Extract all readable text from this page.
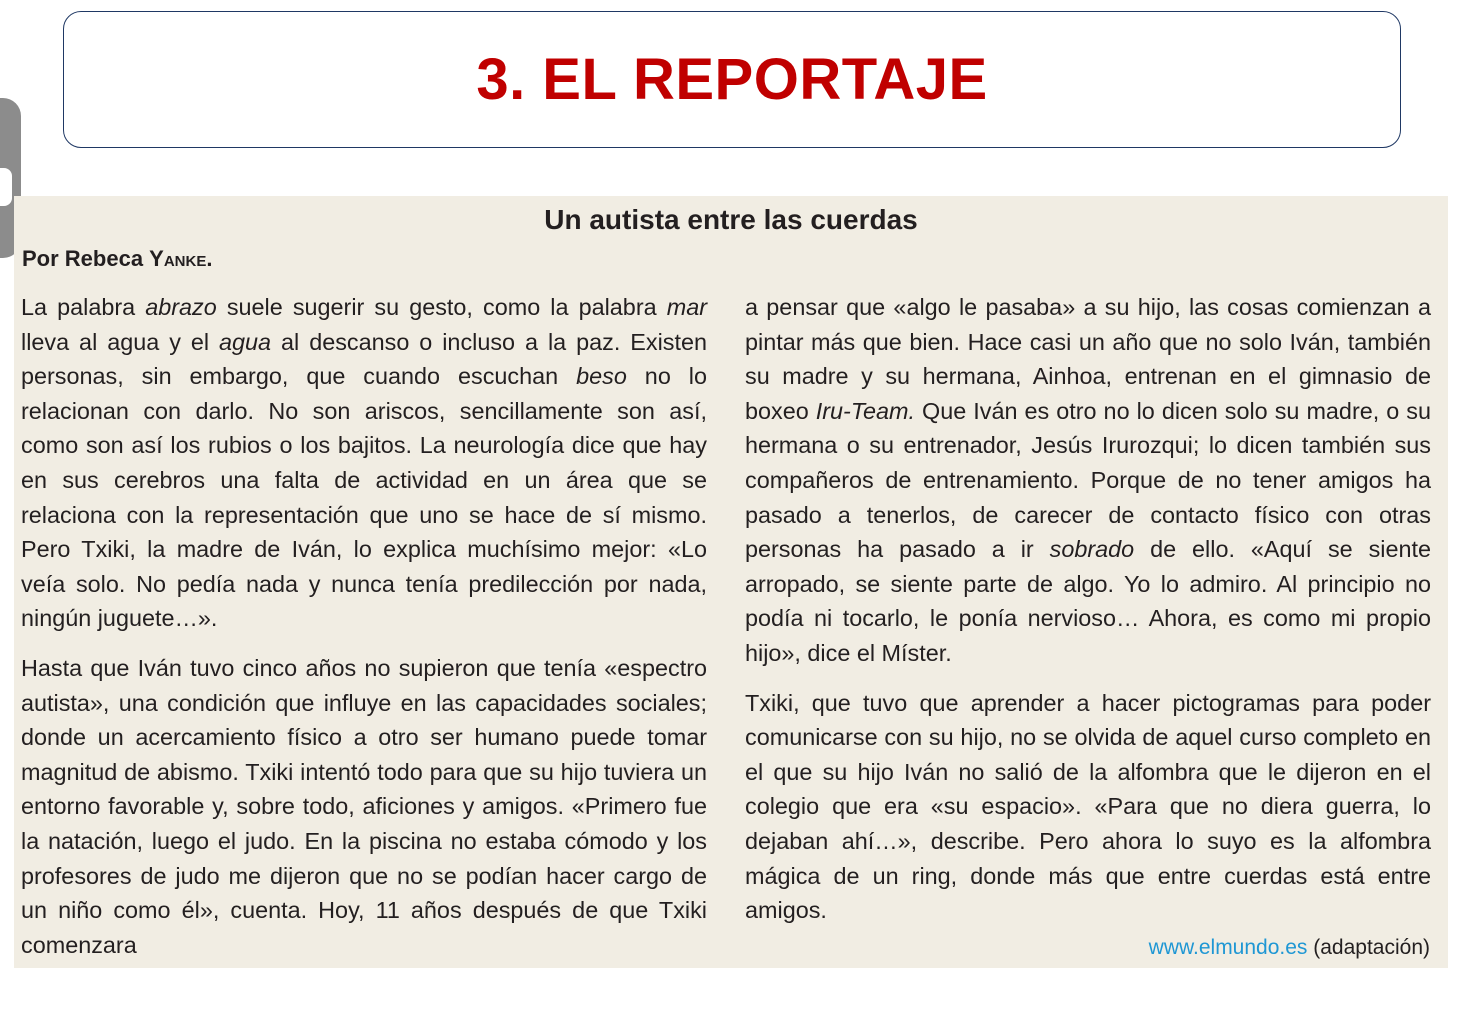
3. EL REPORTAJE
Un autista entre las cuerdas
Por Rebeca Yanke.

La palabra abrazo suele sugerir su gesto, como la palabra mar lleva al agua y el agua al descanso o incluso a la paz. Existen personas, sin embargo, que cuando escuchan beso no lo relacionan con darlo. No son ariscos, sencillamente son así, como son así los rubios o los bajitos. La neurología dice que hay en sus cerebros una falta de actividad en un área que se relaciona con la representación que uno se hace de sí mismo. Pero Txiki, la madre de Iván, lo explica muchísimo mejor: «Lo veía solo. No pedía nada y nunca tenía predilección por nada, ningún juguete…».

Hasta que Iván tuvo cinco años no supieron que tenía «espectro autista», una condición que influye en las capacidades sociales; donde un acercamiento físico a otro ser humano puede tomar magnitud de abismo. Txiki intentó todo para que su hijo tuviera un entorno favorable y, sobre todo, aficiones y amigos. «Primero fue la natación, luego el judo. En la piscina no estaba cómodo y los profesores de judo me dijeron que no se podían hacer cargo de un niño como él», cuenta. Hoy, 11 años después de que Txiki comenzara

a pensar que «algo le pasaba» a su hijo, las cosas comienzan a pintar más que bien. Hace casi un año que no solo Iván, también su madre y su hermana, Ainhoa, entrenan en el gimnasio de boxeo Iru-Team. Que Iván es otro no lo dicen solo su madre, o su hermana o su entrenador, Jesús Irurozqui; lo dicen también sus compañeros de entrenamiento. Porque de no tener amigos ha pasado a tenerlos, de carecer de contacto físico con otras personas ha pasado a ir sobrado de ello. «Aquí se siente arropado, se siente parte de algo. Yo lo admiro. Al principio no podía ni tocarlo, le ponía nervioso… Ahora, es como mi propio hijo», dice el Míster.

Txiki, que tuvo que aprender a hacer pictogramas para poder comunicarse con su hijo, no se olvida de aquel curso completo en el que su hijo Iván no salió de la alfombra que le dijeron en el colegio que era «su espacio». «Para que no diera guerra, lo dejaban ahí…», describe. Pero ahora lo suyo es la alfombra mágica de un ring, donde más que entre cuerdas está entre amigos.

www.elmundo.es (adaptación)
